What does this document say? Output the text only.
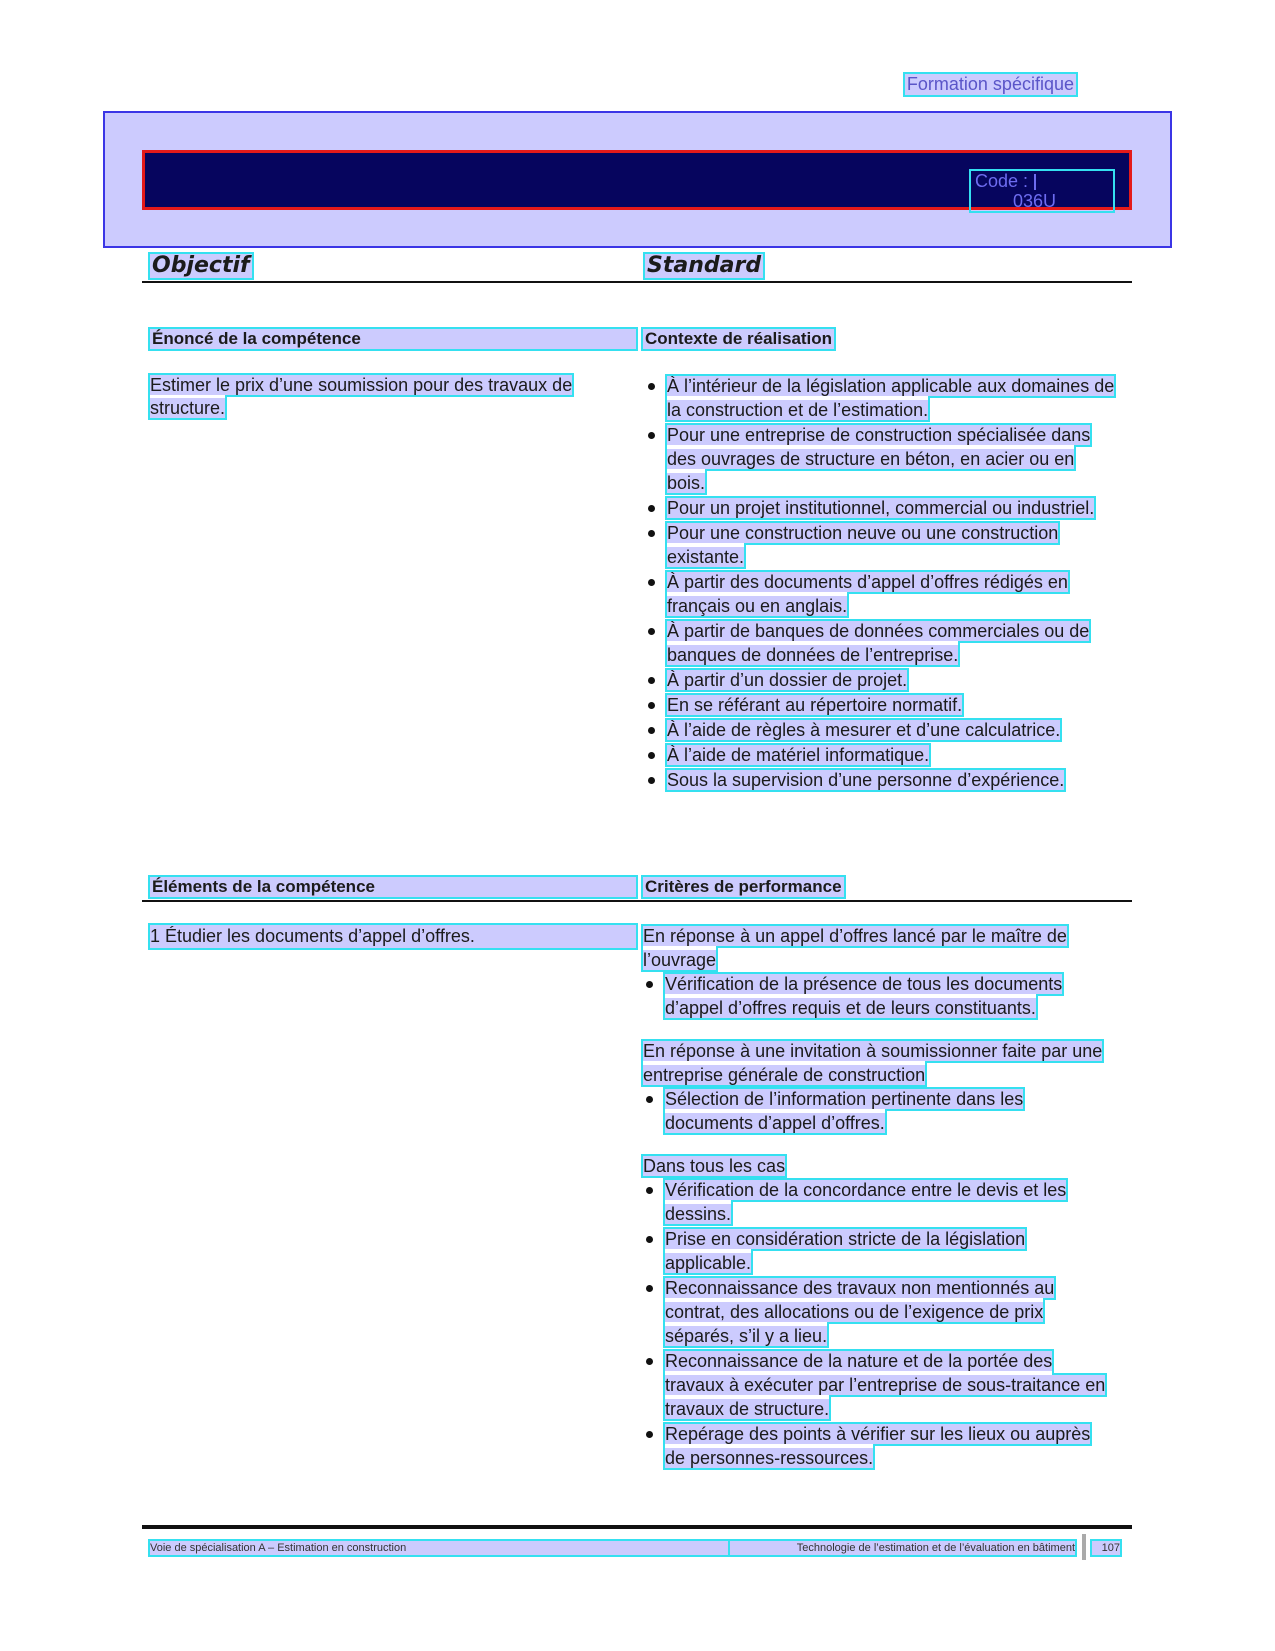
Formation spécifique
Code :036U
Objectif	Standard
Énoncé de la compétence	Contexte de réalisation
Estimer le prix d’une soumission pour des travaux de structure.
À l’intérieur de la législation applicable aux domaines de la construction et de l’estimation.
Pour une entreprise de construction spécialisée dans des ouvrages de structure en béton, en acier ou en bois.
Pour un projet institutionnel, commercial ou industriel.
Pour une construction neuve ou une construction existante.
À partir des documents d’appel d’offres rédigés en français ou en anglais.
À partir de banques de données commerciales ou de banques de données de l’entreprise.
À partir d’un dossier de projet.
En se référant au répertoire normatif.
À l’aide de règles à mesurer et d’une calculatrice.
À l’aide de matériel informatique.
Sous la supervision d’une personne d’expérience.
Éléments de la compétence	Critères de performance
1 Étudier les documents d’appel d’offres.	En réponse à un appel d’offres lancé par le maître de l’ouvrage

Vérification de la présence de tous les documents d’appel d’offres requis et de leurs constituants.

En réponse à une invitation à soumissionner faite par une entreprise générale de construction

Sélection de l’information pertinente dans les documents d’appel d’offres.

Dans tous les cas

Vérification de la concordance entre le devis et les dessins.
Prise en considération stricte de la législation applicable.
Reconnaissance des travaux non mentionnés au contrat, des allocations ou de l’exigence de prix séparés, s’il y a lieu.
Reconnaissance de la nature et de la portée des travaux à exécuter par l’entreprise de sous-traitance en travaux de structure.
Repérage des points à vérifier sur les lieux ou auprès de personnes-ressources.
Voie de spécialisation A – Estimation en construction	Technologie de l’estimation et de l’évaluation en bâtiment	107
